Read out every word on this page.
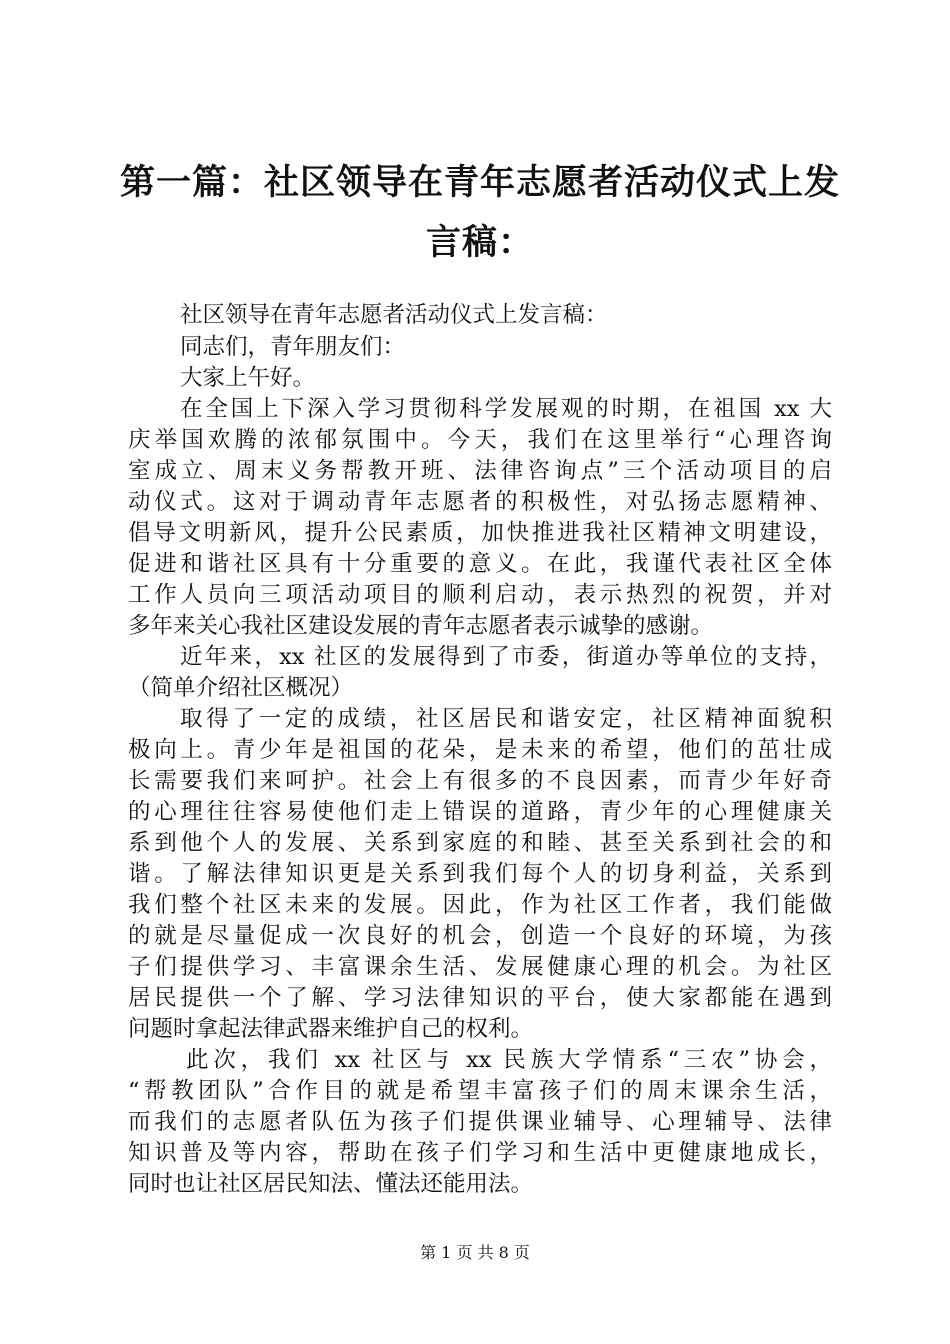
第一篇：社区领导在青年志愿者活动仪式上发
言稿：
社区领导在青年志愿者活动仪式上发言稿：
同志们，青年朋友们：
大家上午好。
在全国上下深入学习贯彻科学发展观的时期，在祖国 xx 大
庆举国欢腾的浓郁氛围中。今天，我们在这里举行“心理咨询
室成立、周末义务帮教开班、法律咨询点”三个活动项目的启
动仪式。这对于调动青年志愿者的积极性，对弘扬志愿精神、
倡导文明新风，提升公民素质，加快推进我社区精神文明建设，
促进和谐社区具有十分重要的意义。在此，我谨代表社区全体
工作人员向三项活动项目的顺利启动，表示热烈的祝贺，并对
多年来关心我社区建设发展的青年志愿者表示诚挚的感谢。
近年来，xx 社区的发展得到了市委，街道办等单位的支持，
（简单介绍社区概况）
取得了一定的成绩，社区居民和谐安定，社区精神面貌积
极向上。青少年是祖国的花朵，是未来的希望，他们的茁壮成
长需要我们来呵护。社会上有很多的不良因素，而青少年好奇
的心理往往容易使他们走上错误的道路，青少年的心理健康关
系到他个人的发展、关系到家庭的和睦、甚至关系到社会的和
谐。了解法律知识更是关系到我们每个人的切身利益，关系到
我们整个社区未来的发展。因此，作为社区工作者，我们能做
的就是尽量促成一次良好的机会，创造一个良好的环境，为孩
子们提供学习、丰富课余生活、发展健康心理的机会。为社区
居民提供一个了解、学习法律知识的平台，使大家都能在遇到
问题时拿起法律武器来维护自己的权利。
此次，我们 xx 社区与 xx 民族大学情系“三农”协会，
“帮教团队”合作目的就是希望丰富孩子们的周末课余生活，
而我们的志愿者队伍为孩子们提供课业辅导、心理辅导、法律
知识普及等内容，帮助在孩子们学习和生活中更健康地成长，
同时也让社区居民知法、懂法还能用法。
第 1 页 共 8 页
